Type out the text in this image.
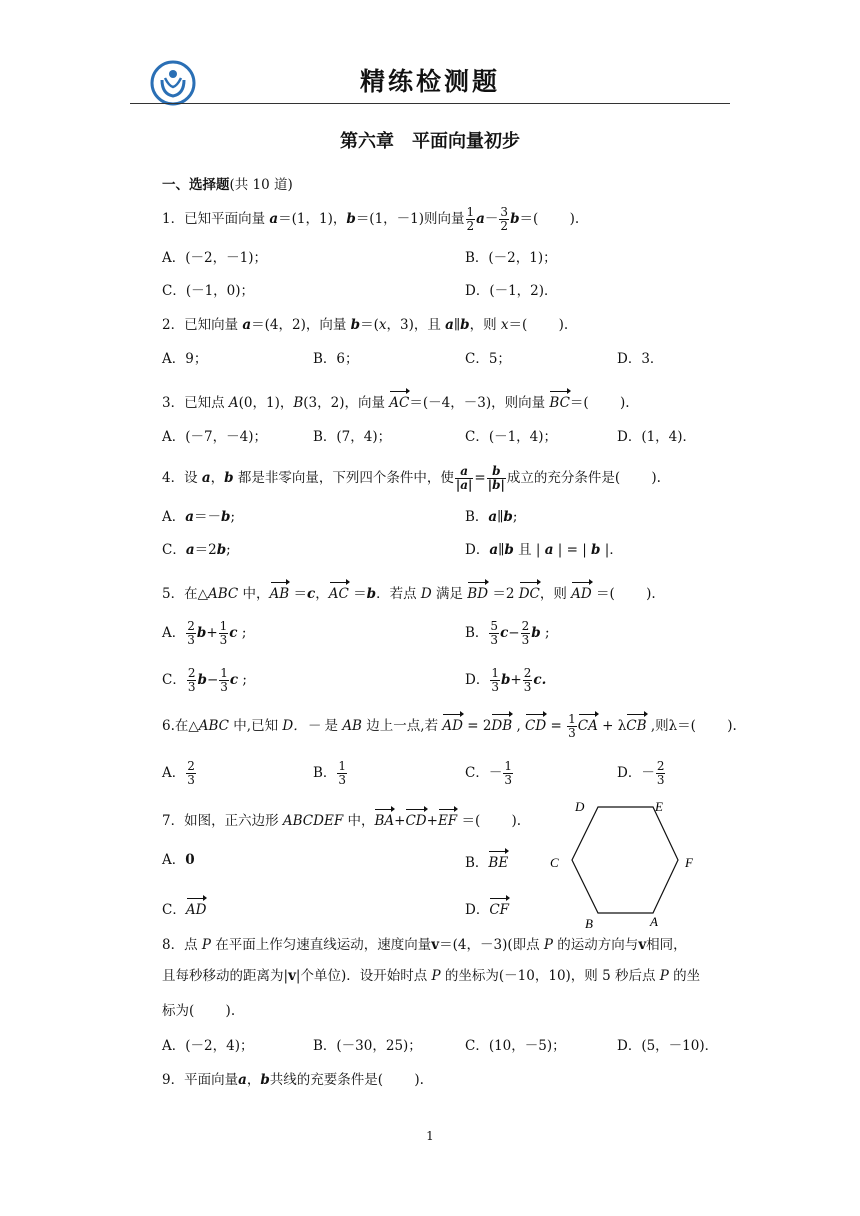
精练检测题
第六章　平面向量初步
一、选择题(共 10 道)
1．已知平面向量 a＝(1，1)，b＝(1，－1)则向量 $\frac{1}{2} a- \frac{3}{2} b=$(　　 ).
A．(－2，－1)；	B．(－2，1)；
C．(－1，0)；	D．(－1，2)．
2．已知向量 a＝(4，2)，向量 b＝(x，3)，且 a∥b，则 x＝(　　 ).
A．9；	B．6；	C．5；	D．3．
3．已知点 A(0，1)，B(3，2)，向量 AC＝(－4，－3)，则向量 BC＝(　　 ).
A．(－7，－4)；	B．(7，4)；	C．(－1，4)；	D．(1，4)．
4．设 a，b 都是非零向量，下列四个条件中，使 $\frac{a}{|a|} = \frac{b}{|b|}$ 成立的充分条件是(　　 ).
A．a＝－b;	B．a∥b;
C．a＝2b;	D．a∥b 且 | a | = | b |．
5．在△ABC 中，AB ＝c，AC ＝b．若点 D 满足 BD ＝2 DC，则 AD ＝(　　 ).
A． $\frac{2}{3} b+ \frac{1}{3}$ c ;	B． $\frac{5}{3} c- \frac{2}{3}$ b ;
C． $\frac{2}{3} b- \frac{1}{3}$ c ;	D． $\frac{1}{3} b+ \frac{2}{3} c$.
6.在△ABC 中,已知 D．－ 是 AB 边上一点,若 AD = 2DB , CD = $\frac{1}{3}$ CA + λCB ,则λ＝(　　 ).
A． $\frac{2}{3}$	B． $\frac{1}{3}$	C．－ $\frac{1}{3}$	D．－ $\frac{2}{3}$
7．如图，正六边形 ABCDEF 中，BA+CD+EF ＝(　　 ).
A．0	B．BE
C．AD	D．CF
D	E
C	F
B	A
8．点 P 在平面上作匀速直线运动，速度向量v＝(4，－3)(即点 P 的运动方向与v相同，
且每秒移动的距离为|v|个单位)．设开始时点 P 的坐标为(－10，10)，则 5 秒后点 P 的坐
标为(　　 ).
A．(－2，4)；	B．(－30，25)；	C．(10，－5)；	D．(5，－10)．
9．平面向量a，b共线的充要条件是(　　 ).
1
